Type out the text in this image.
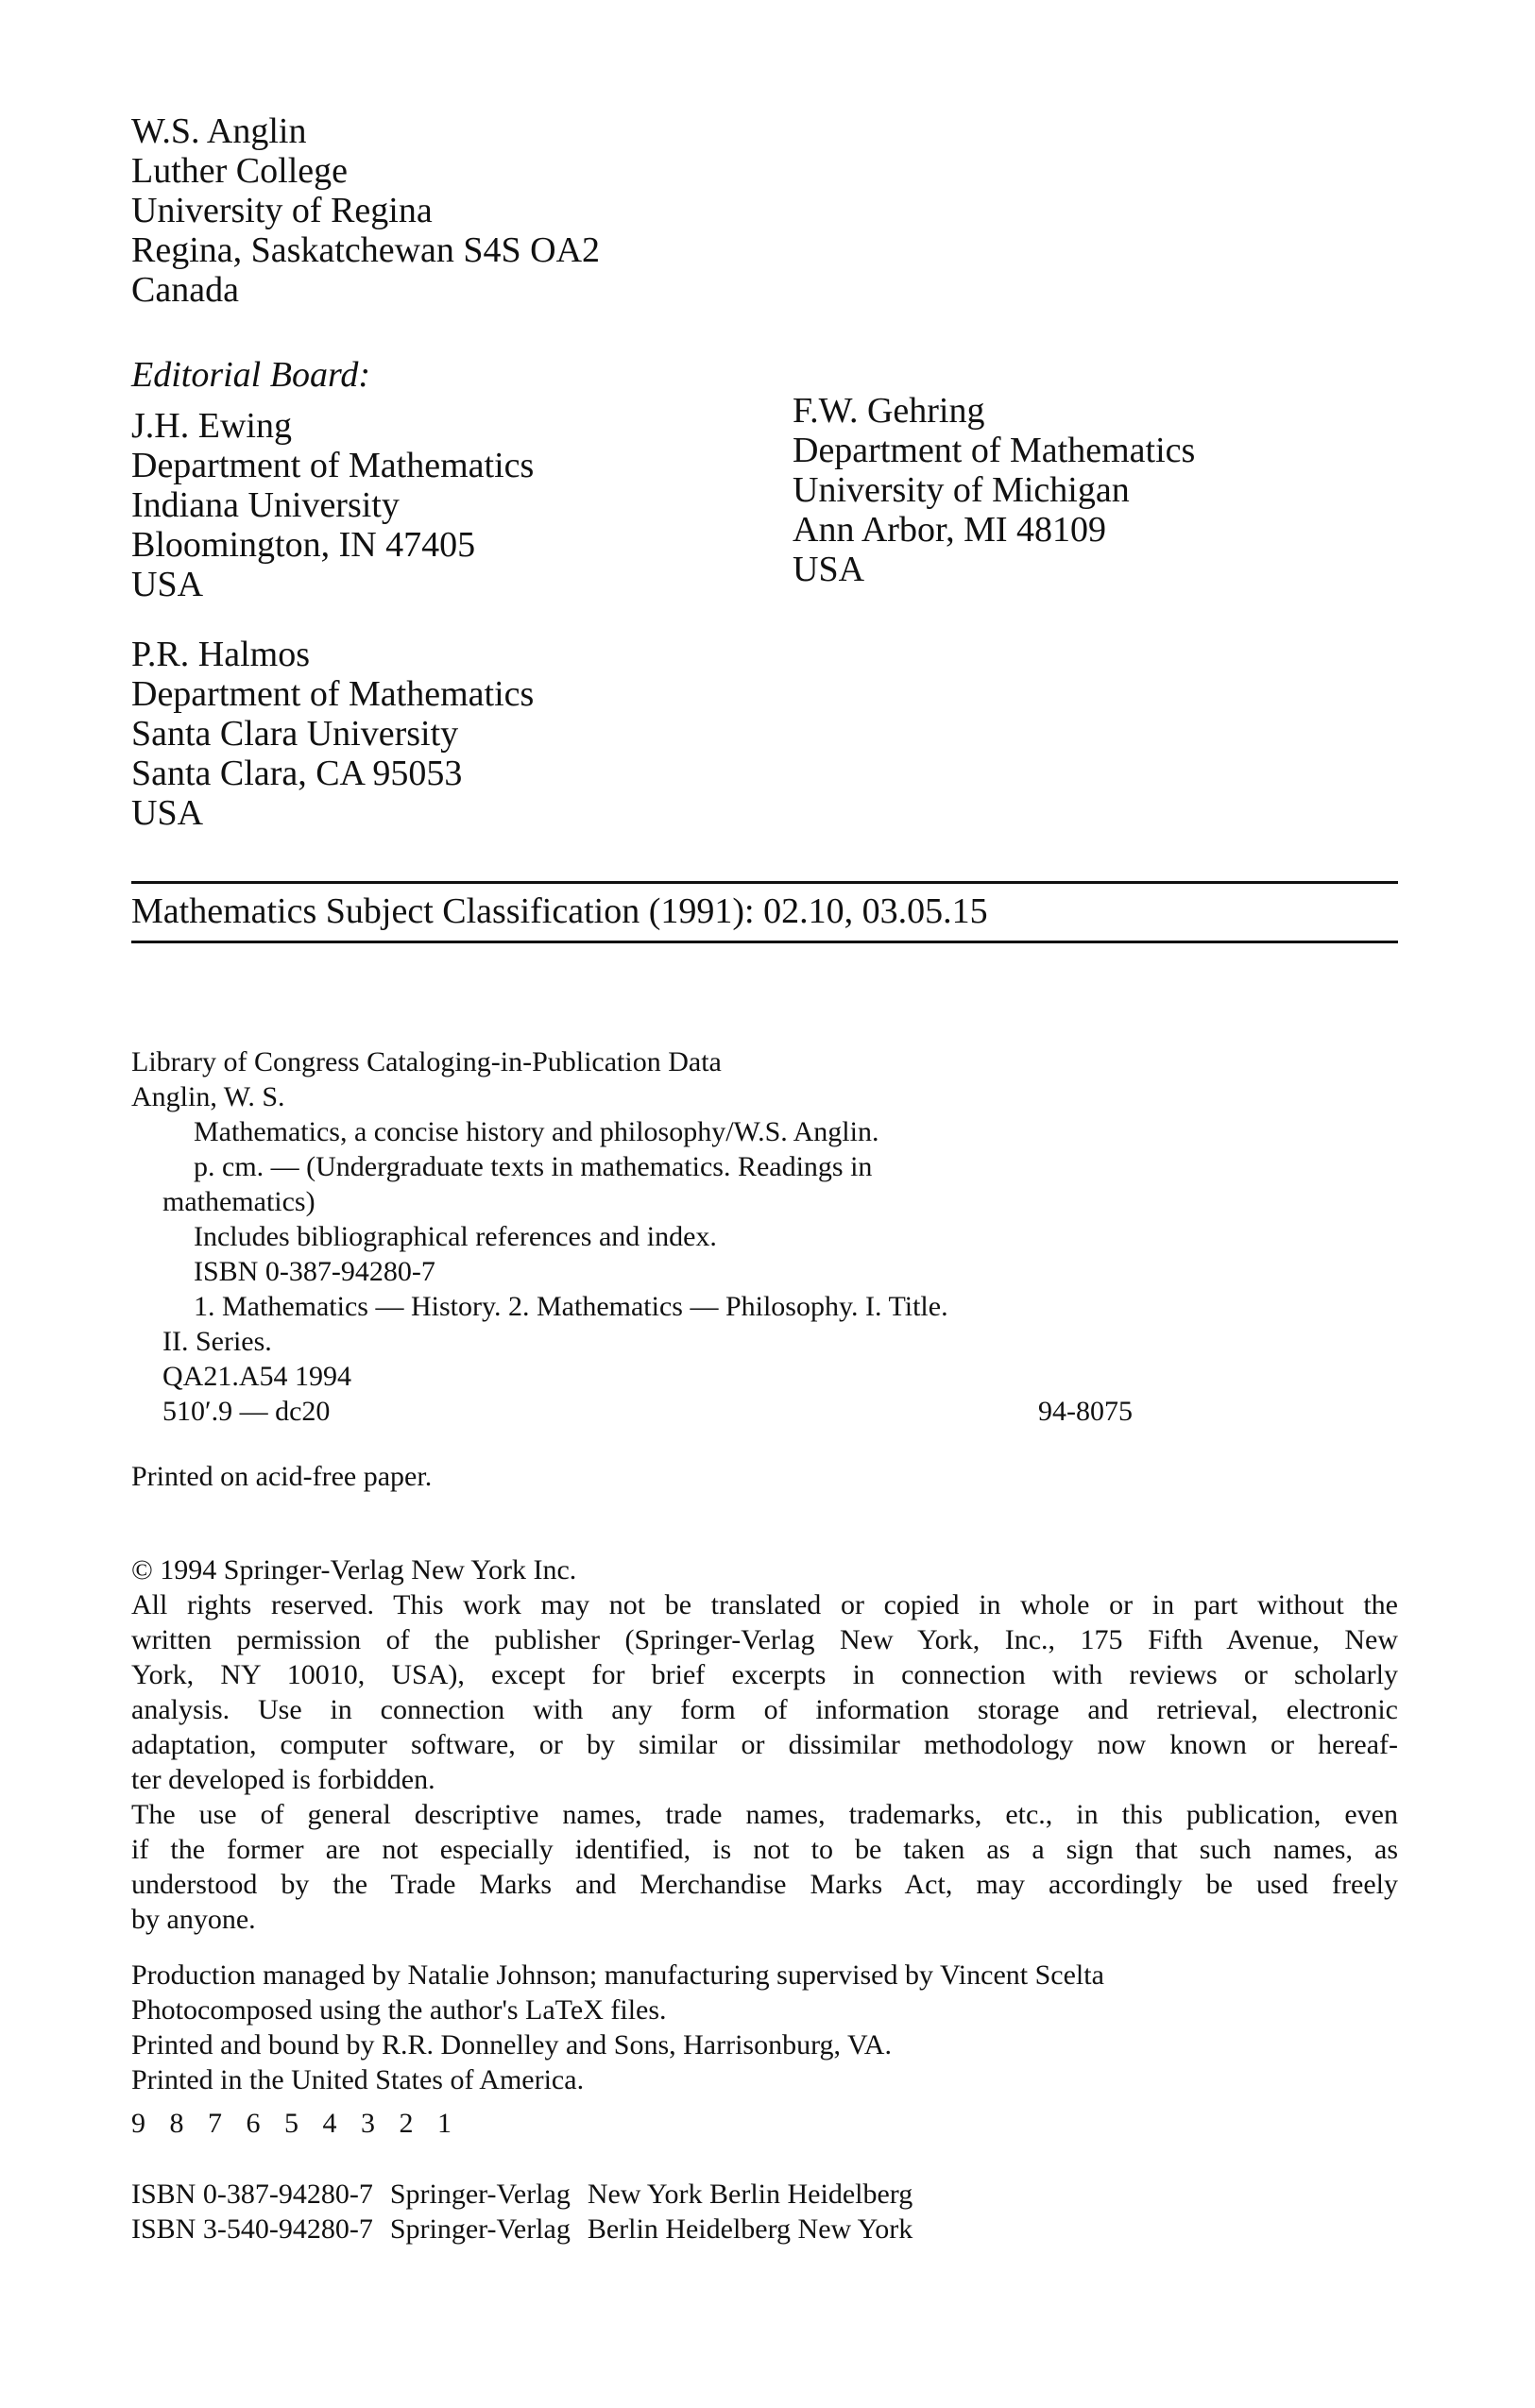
W.S. Anglin
Luther College
University of Regina
Regina, Saskatchewan S4S OA2
Canada
Editorial Board:
J.H. Ewing
Department of Mathematics
Indiana University
Bloomington, IN 47405
USA
F.W. Gehring
Department of Mathematics
University of Michigan
Ann Arbor, MI 48109
USA
P.R. Halmos
Department of Mathematics
Santa Clara University
Santa Clara, CA 95053
USA
Mathematics Subject Classification (1991): 02.10, 03.05.15
Library of Congress Cataloging-in-Publication Data
Anglin, W. S.
Mathematics, a concise history and philosophy/W.S. Anglin.
p. cm. — (Undergraduate texts in mathematics. Readings in
mathematics)
Includes bibliographical references and index.
ISBN 0-387-94280-7
1. Mathematics — History. 2. Mathematics — Philosophy. I. Title.
II. Series.
QA21.A54 1994
510′.9 — dc20	94-8075
Printed on acid-free paper.
© 1994 Springer-Verlag New York Inc.
All rights reserved. This work may not be translated or copied in whole or in part without the
written permission of the publisher (Springer-Verlag New York, Inc., 175 Fifth Avenue, New
York, NY 10010, USA), except for brief excerpts in connection with reviews or scholarly
analysis. Use in connection with any form of information storage and retrieval, electronic
adaptation, computer software, or by similar or dissimilar methodology now known or hereaf-
ter developed is forbidden.
The use of general descriptive names, trade names, trademarks, etc., in this publication, even
if the former are not especially identified, is not to be taken as a sign that such names, as
understood by the Trade Marks and Merchandise Marks Act, may accordingly be used freely
by anyone.
Production managed by Natalie Johnson; manufacturing supervised by Vincent Scelta
Photocomposed using the author's LaTeX files.
Printed and bound by R.R. Donnelley and Sons, Harrisonburg, VA.
Printed in the United States of America.
9 8 7 6 5 4 3 2 1
ISBN 0-387-94280-7 Springer-Verlag New York Berlin Heidelberg
ISBN 3-540-94280-7 Springer-Verlag Berlin Heidelberg New York
